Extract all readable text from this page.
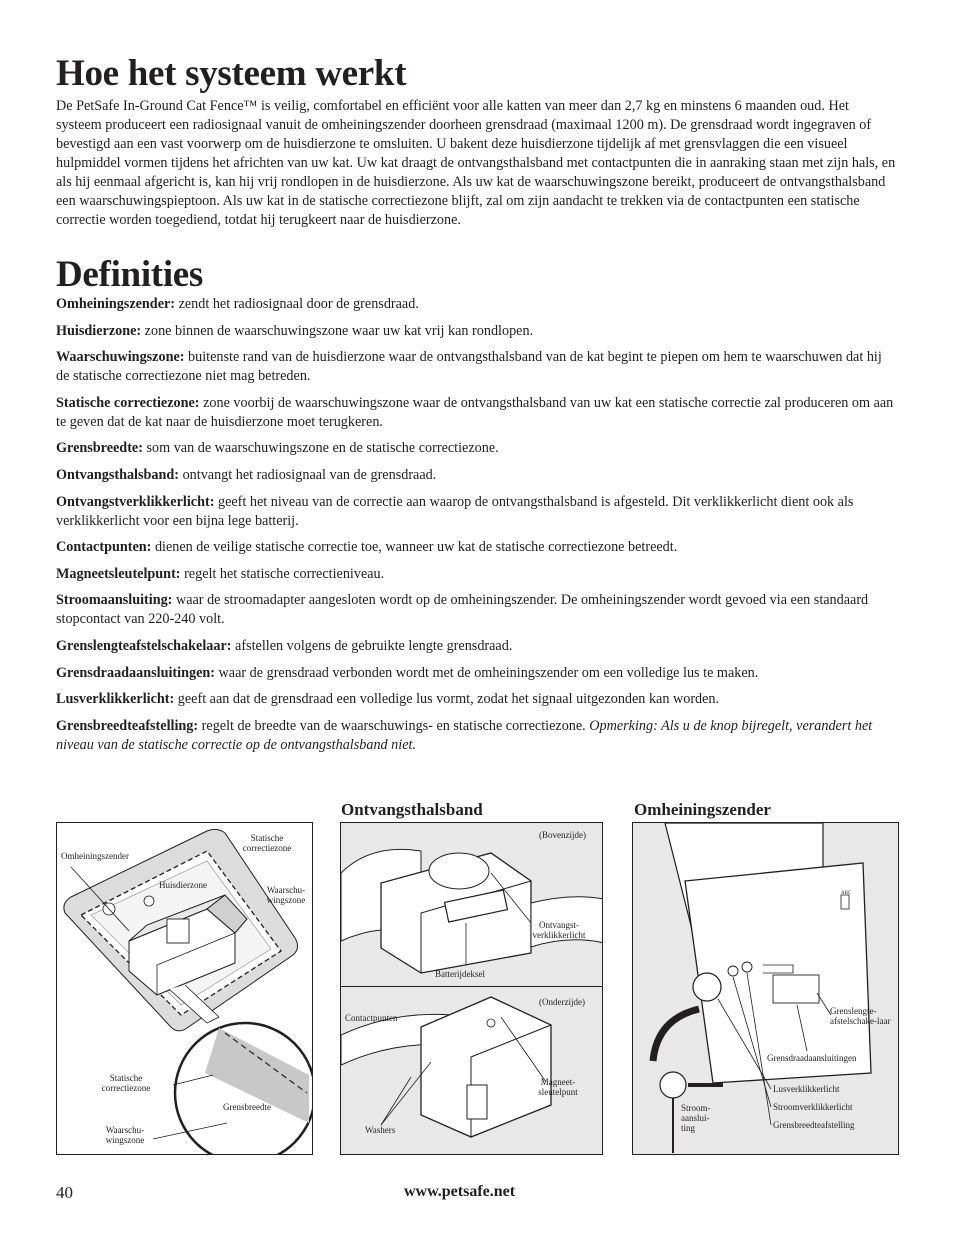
Hoe het systeem werkt

De PetSafe In-Ground Cat Fence™ is veilig, comfortabel en efficiënt voor alle katten van meer dan 2,7 kg en minstens 6 maanden oud. Het systeem produceert een radiosignaal vanuit de omheiningszender doorheen grensdraad (maximaal 1200 m). De grensdraad wordt ingegraven of bevestigd aan een vast voorwerp om de huisdierzone te omsluiten. U bakent deze huisdierzone tijdelijk af met grensvlaggen die een visueel hulpmiddel vormen tijdens het africhten van uw kat. Uw kat draagt de ontvangsthalsband met contactpunten die in aanraking staan met zijn hals, en als hij eenmaal afgericht is, kan hij vrij rondlopen in de huisdierzone. Als uw kat de waarschuwingszone bereikt, produceert de ontvangsthalsband een waarschuwingspieptoon. Als uw kat in de statische correctiezone blijft, zal om zijn aandacht te trekken via de contactpunten een statische correctie worden toegediend, totdat hij terugkeert naar de huisdierzone.

Definities

Omheiningszender: zendt het radiosignaal door de grensdraad.

Huisdierzone: zone binnen de waarschuwingszone waar uw kat vrij kan rondlopen.

Waarschuwingszone: buitenste rand van de huisdierzone waar de ontvangsthalsband van de kat begint te piepen om hem te waarschuwen dat hij de statische correctiezone niet mag betreden.

Statische correctiezone: zone voorbij de waarschuwingszone waar de ontvangsthalsband van uw kat een statische correctie zal produceren om aan te geven dat de kat naar de huisdierzone moet terugkeren.

Grensbreedte: som van de waarschuwingszone en de statische correctiezone.

Ontvangsthalsband: ontvangt het radiosignaal van de grensdraad.

Ontvangstverklikkerlicht: geeft het niveau van de correctie aan waarop de ontvangsthalsband is afgesteld. Dit verklikkerlicht dient ook als verklikkerlicht voor een bijna lege batterij.

Contactpunten: dienen de veilige statische correctie toe, wanneer uw kat de statische correctiezone betreedt.

Magneetsleutelpunt: regelt het statische correctieniveau.

Stroomaansluiting: waar de stroomadapter aangesloten wordt op de omheiningszender. De omheiningszender wordt gevoed via een standaard stopcontact van 220-240 volt.

Grenslengteafstelschakelaar: afstellen volgens de gebruikte lengte grensdraad.

Grensdraadaansluitingen: waar de grensdraad verbonden wordt met de omheiningszender om een volledige lus te maken.

Lusverklikkerlicht: geeft aan dat de grensdraad een volledige lus vormt, zodat het signaal uitgezonden kan worden.

Grensbreedteafstelling: regelt de breedte van de waarschuwings- en statische correctiezone. Opmerking: Als u de knop bijregelt, verandert het niveau van de statische correctie op de ontvangsthalsband niet.

Ontvangsthalsband	Omheiningszender
Omheiningszender
Statische correctiezone
Huisdierzone	Waarschu-wingszone
Statische correctiezone
Grensbreedte
Waarschu-wingszone
(Bovenzijde)
Ontvangst-verklikkerlicht
Batterijdeksel
(Onderzijde)
Contactpunten
Magneet-sleutelpunt
Washers
ABC
Grenslengte-afstelschake-laar
Grensdraadaansluitingen
Lusverklikkerlicht
Stroom-aanslui-ting
Stroomverklikkerlicht
Grensbreedteafstelling
40	www.petsafe.net
